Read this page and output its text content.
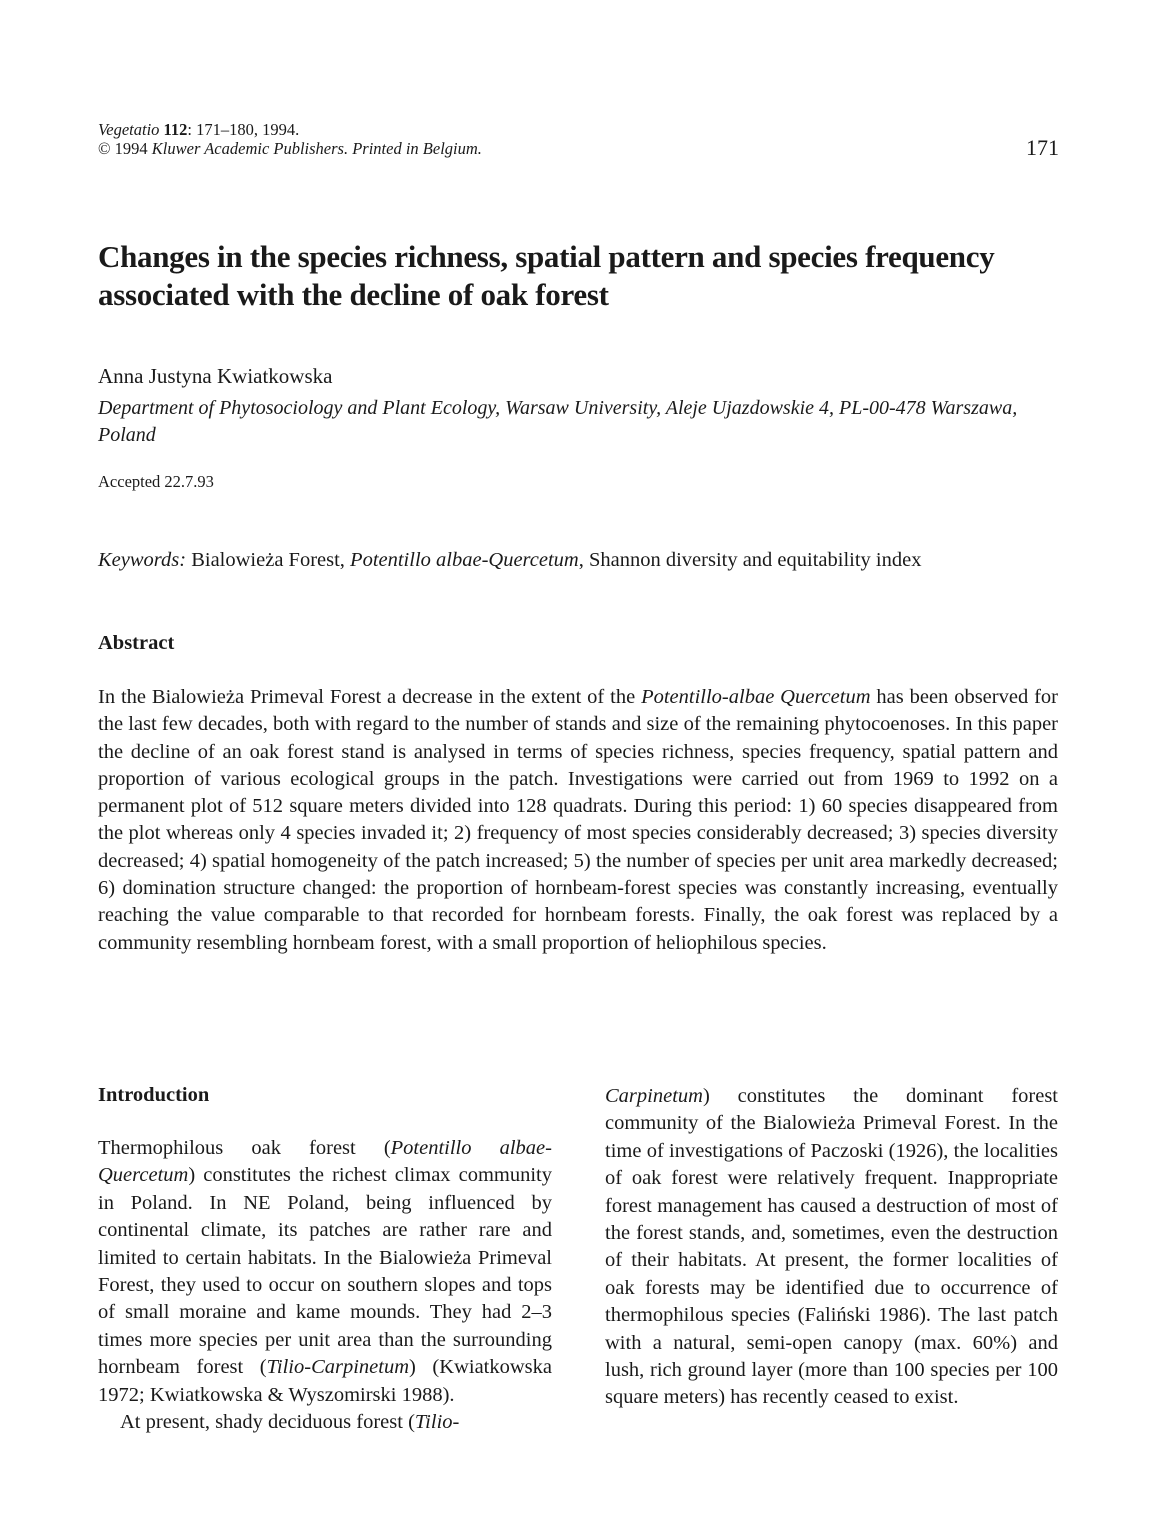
Vegetatio 112: 171–180, 1994.
© 1994 Kluwer Academic Publishers. Printed in Belgium.	171
Changes in the species richness, spatial pattern and species frequency associated with the decline of oak forest
Anna Justyna Kwiatkowska
Department of Phytosociology and Plant Ecology, Warsaw University, Aleje Ujazdowskie 4, PL-00-478 Warszawa, Poland
Accepted 22.7.93
Keywords: Bialowieża Forest, Potentillo albae-Quercetum, Shannon diversity and equitability index
Abstract

In the Bialowieża Primeval Forest a decrease in the extent of the Potentillo-albae Quercetum has been observed for the last few decades, both with regard to the number of stands and size of the remaining phytocoenoses. In this paper the decline of an oak forest stand is analysed in terms of species richness, species frequency, spatial pattern and proportion of various ecological groups in the patch. Investigations were carried out from 1969 to 1992 on a permanent plot of 512 square meters divided into 128 quadrats. During this period: 1) 60 species disappeared from the plot whereas only 4 species invaded it; 2) frequency of most species considerably decreased; 3) species diversity decreased; 4) spatial homogeneity of the patch increased; 5) the number of species per unit area markedly decreased; 6) domination structure changed: the proportion of hornbeam-forest species was constantly increasing, eventually reaching the value comparable to that recorded for hornbeam forests. Finally, the oak forest was replaced by a community resembling hornbeam forest, with a small proportion of heliophilous species.

Introduction

Thermophilous oak forest (Potentillo albae-Quercetum) constitutes the richest climax community in Poland. In NE Poland, being influenced by continental climate, its patches are rather rare and limited to certain habitats. In the Bialowieża Primeval Forest, they used to occur on southern slopes and tops of small moraine and kame mounds. They had 2–3 times more species per unit area than the surrounding hornbeam forest (Tilio-Carpinetum) (Kwiatkowska 1972; Kwiatkowska & Wyszomirski 1988).

At present, shady deciduous forest (Tilio-

Carpinetum) constitutes the dominant forest community of the Bialowieża Primeval Forest. In the time of investigations of Paczoski (1926), the localities of oak forest were relatively frequent. Inappropriate forest management has caused a destruction of most of the forest stands, and, sometimes, even the destruction of their habitats. At present, the former localities of oak forests may be identified due to occurrence of thermophilous species (Faliński 1986). The last patch with a natural, semi-open canopy (max. 60%) and lush, rich ground layer (more than 100 species per 100 square meters) has recently ceased to exist.
